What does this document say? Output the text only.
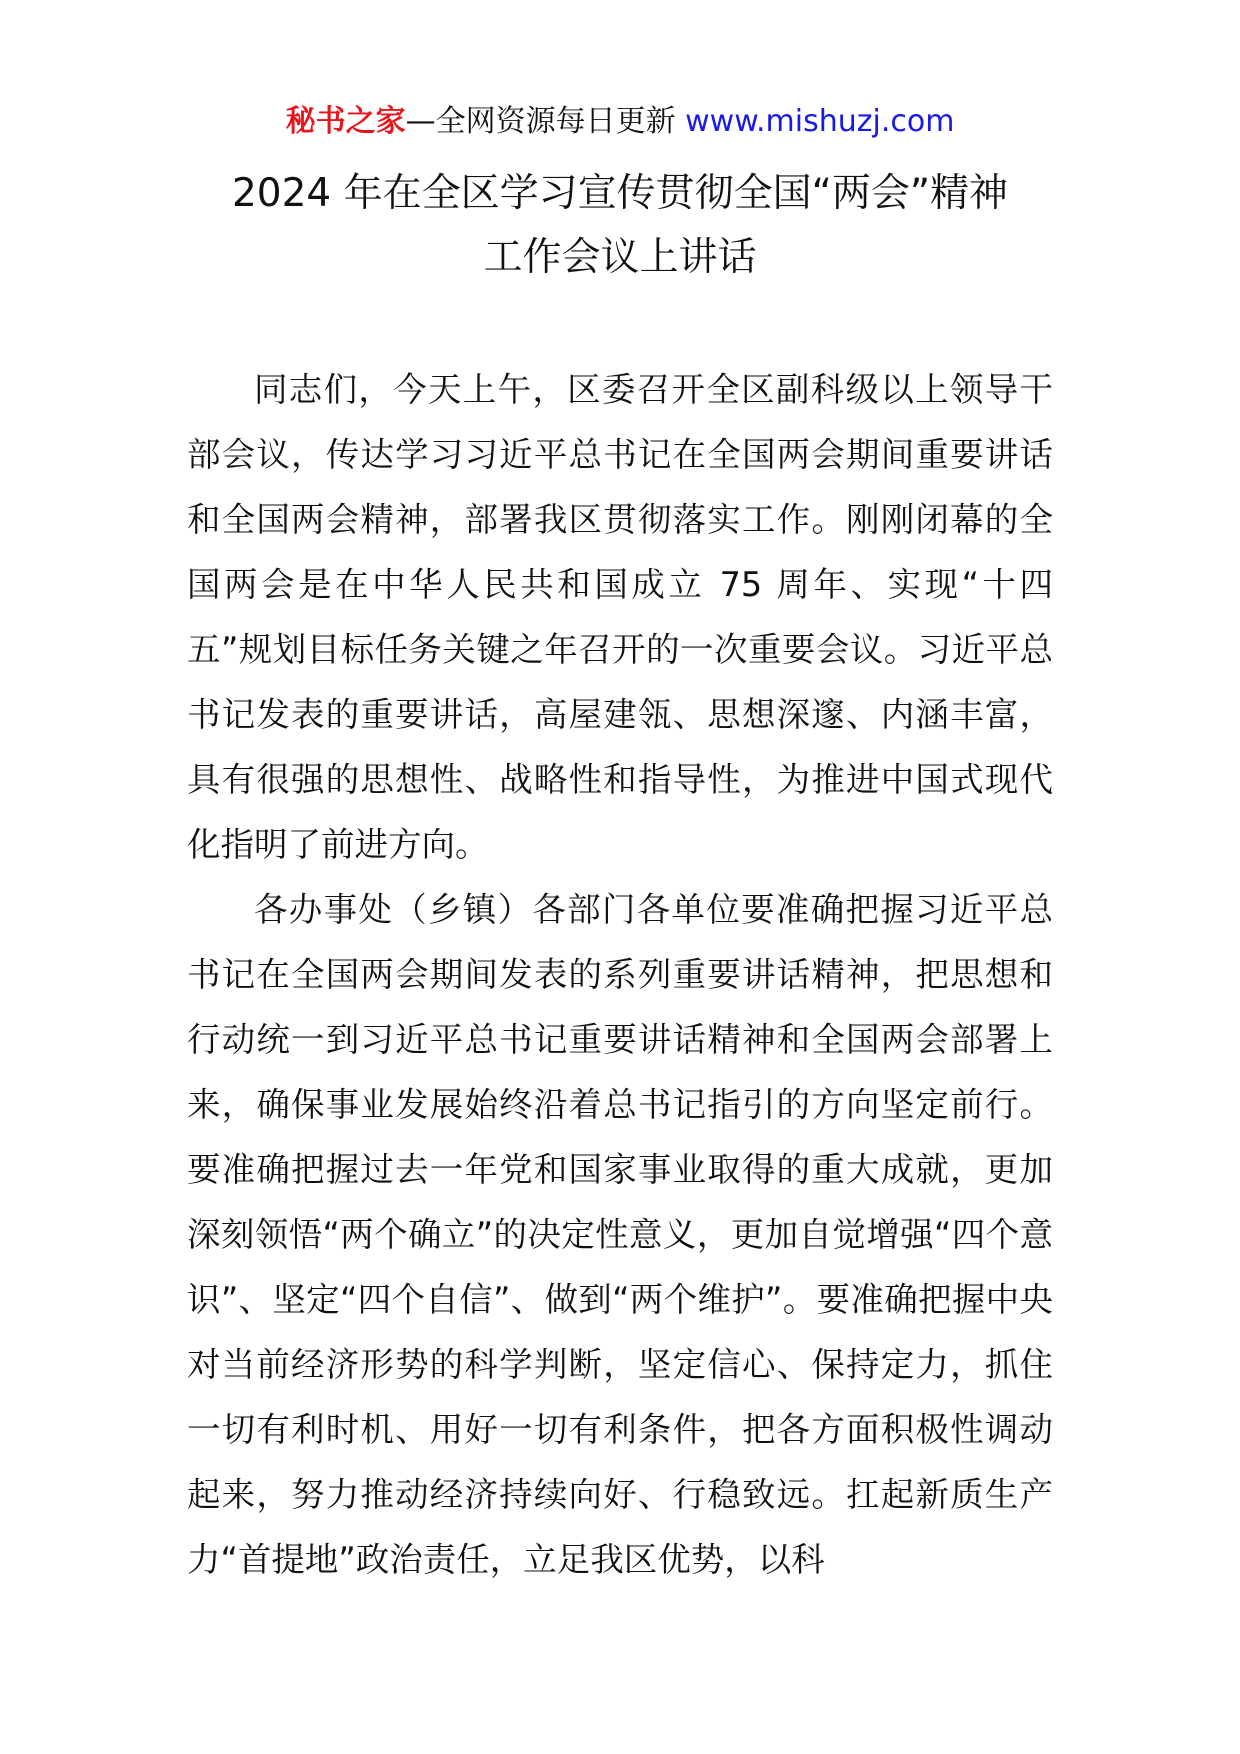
秘书之家—全网资源每日更新 www.mishuzj.com
2024 年在全区学习宣传贯彻全国“两会”精神
工作会议上讲话

同志们，今天上午，区委召开全区副科级以上领导干部会议，传达学习习近平总书记在全国两会期间重要讲话和全国两会精神，部署我区贯彻落实工作。刚刚闭幕的全国两会是在中华人民共和国成立 75 周年、实现“十四五”规划目标任务关键之年召开的一次重要会议。习近平总书记发表的重要讲话，高屋建瓴、思想深邃、内涵丰富，具有很强的思想性、战略性和指导性，为推进中国式现代化指明了前进方向。

各办事处（乡镇）各部门各单位要准确把握习近平总书记在全国两会期间发表的系列重要讲话精神，把思想和行动统一到习近平总书记重要讲话精神和全国两会部署上来，确保事业发展始终沿着总书记指引的方向坚定前行。要准确把握过去一年党和国家事业取得的重大成就，更加深刻领悟“两个确立”的决定性意义，更加自觉增强“四个意识”、坚定“四个自信”、做到“两个维护”。要准确把握中央对当前经济形势的科学判断，坚定信心、保持定力，抓住一切有利时机、用好一切有利条件，把各方面积极性调动起来，努力推动经济持续向好、行稳致远。扛起新质生产力“首提地”政治责任，立足我区优势，以科
